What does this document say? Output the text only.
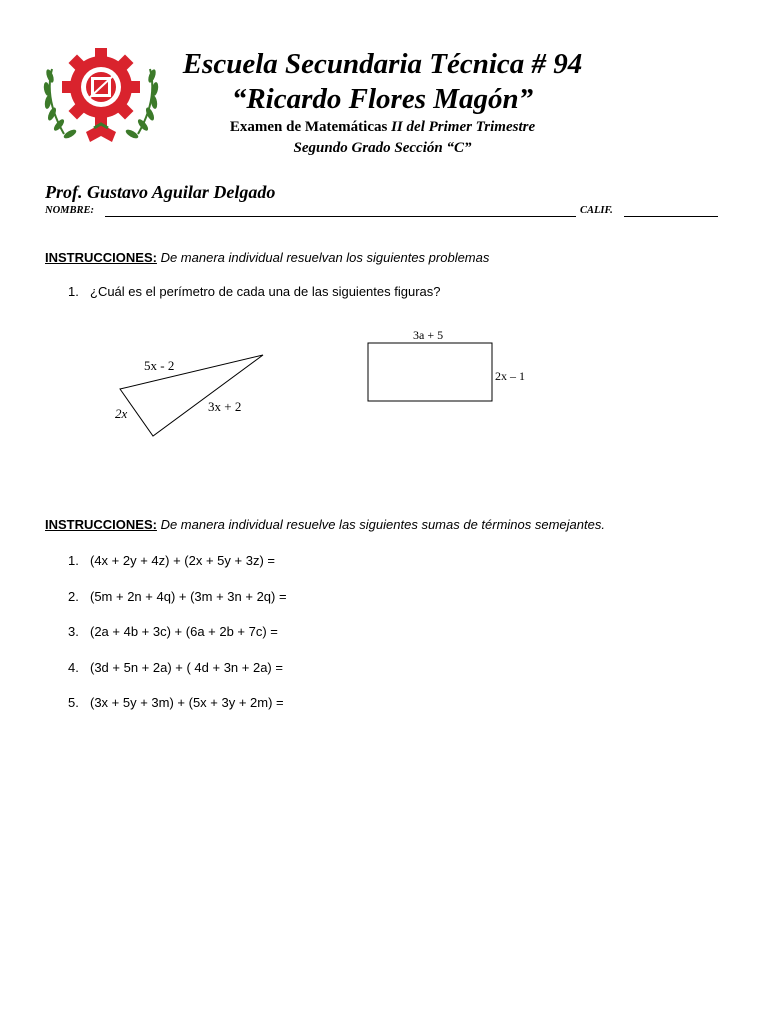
Escuela Secundaria Técnica # 94
“Ricardo Flores Magón”
Examen de Matemáticas II del Primer Trimestre
Segundo Grado Sección “C”
Prof. Gustavo Aguilar Delgado
NOMBRE:	CALIF.
INSTRUCCIONES: De manera individual resuelvan los siguientes problemas
1. ¿Cuál es el perímetro de cada una de las siguientes figuras?
5x - 2
2x	3x + 2
3a + 5
2x – 1
INSTRUCCIONES: De manera individual resuelve las siguientes sumas de términos semejantes.
1. (4x + 2y + 4z) + (2x + 5y + 3z) =
2. (5m + 2n + 4q) + (3m + 3n + 2q) =
3. (2a + 4b + 3c) + (6a + 2b + 7c) =
4. (3d + 5n + 2a) + ( 4d + 3n + 2a) =
5. (3x + 5y + 3m) + (5x + 3y + 2m) =
